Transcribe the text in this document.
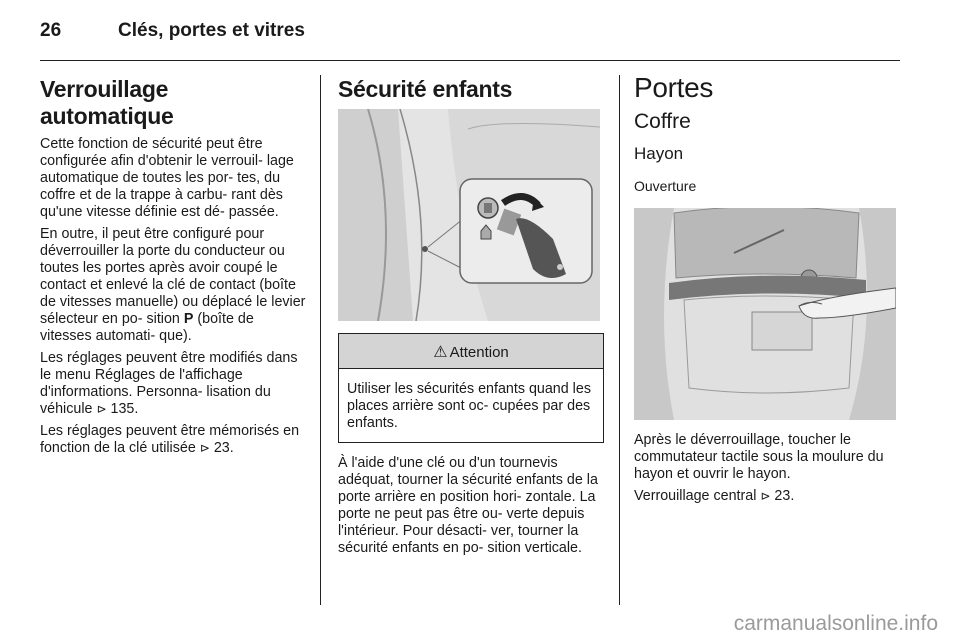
26	Clés, portes et vitres
Verrouillage automatique

Cette fonction de sécurité peut être configurée afin d'obtenir le verrouil- lage automatique de toutes les por- tes, du coffre et de la trappe à carbu- rant dès qu'une vitesse définie est dé- passée.

En outre, il peut être configuré pour déverrouiller la porte du conducteur ou toutes les portes après avoir coupé le contact et enlevé la clé de contact (boîte de vitesses manuelle) ou déplacé le levier sélecteur en po- sition P (boîte de vitesses automati- que).

Les réglages peuvent être modifiés dans le menu Réglages de l'affichage d'informations. Personna- lisation du véhicule ⊳ 135.

Les réglages peuvent être mémorisés en fonction de la clé utilisée ⊳ 23.

Sécurité enfants
⚠ Attention
Utiliser les sécurités enfants quand les places arrière sont oc- cupées par des enfants.

À l'aide d'une clé ou d'un tournevis adéquat, tourner la sécurité enfants de la porte arrière en position hori- zontale. La porte ne peut pas être ou- verte depuis l'intérieur. Pour désacti- ver, tourner la sécurité enfants en po- sition verticale.

Portes
Coffre
Hayon
Ouverture

Après le déverrouillage, toucher le commutateur tactile sous la moulure du hayon et ouvrir le hayon.

Verrouillage central ⊳ 23.

carmanualsonline.info
